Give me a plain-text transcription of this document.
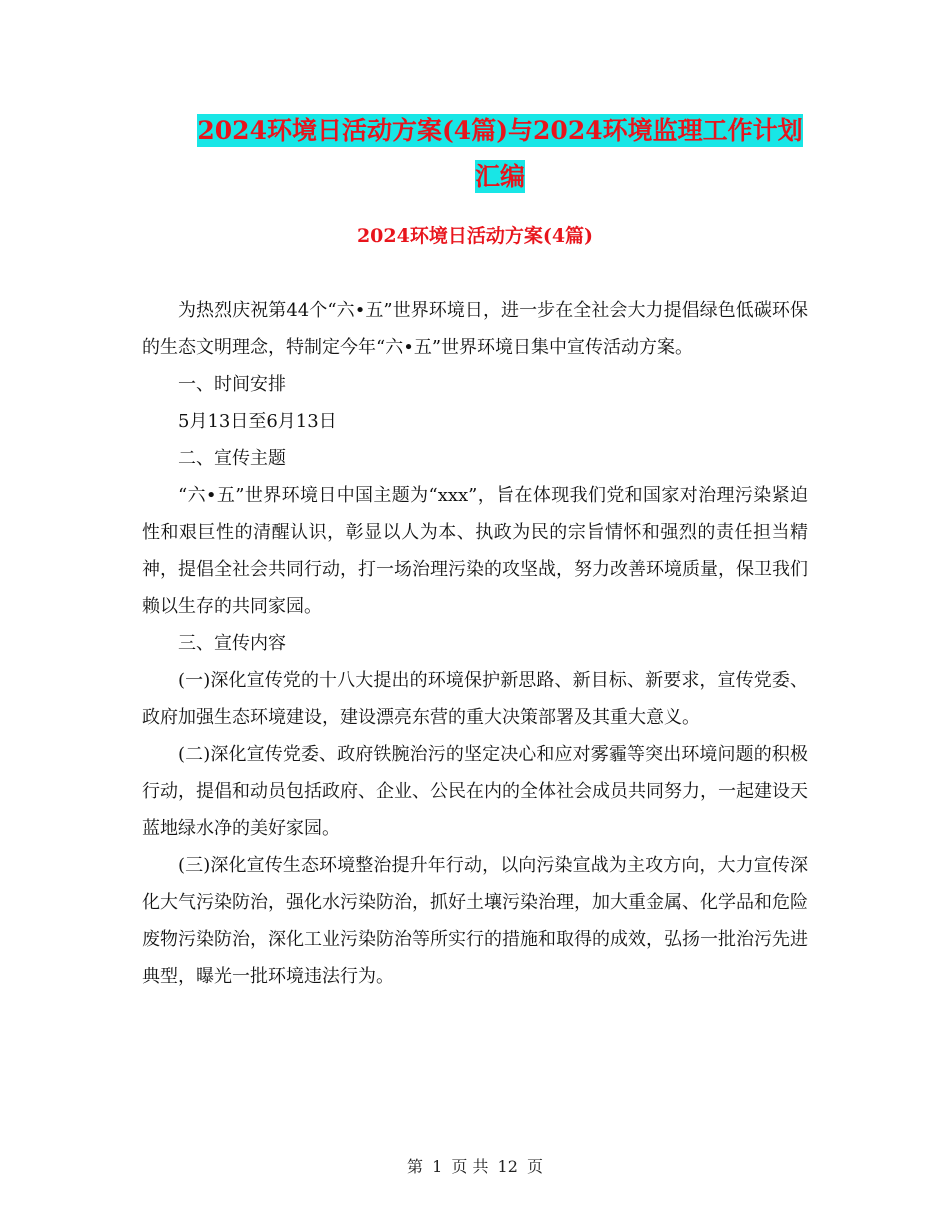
2024环境日活动方案(4篇)与2024环境监理工作计划
汇编
2024环境日活动方案(4篇)

为热烈庆祝第44个“六•五”世界环境日，进一步在全社会大力提倡绿色低碳环保的生态文明理念，特制定今年“六•五”世界环境日集中宣传活动方案。

一、时间安排

5月13日至6月13日

二、宣传主题

“六•五”世界环境日中国主题为“xxx”，旨在体现我们党和国家对治理污染紧迫性和艰巨性的清醒认识，彰显以人为本、执政为民的宗旨情怀和强烈的责任担当精神，提倡全社会共同行动，打一场治理污染的攻坚战，努力改善环境质量，保卫我们赖以生存的共同家园。

三、宣传内容

(一)深化宣传党的十八大提出的环境保护新思路、新目标、新要求，宣传党委、政府加强生态环境建设，建设漂亮东营的重大决策部署及其重大意义。

(二)深化宣传党委、政府铁腕治污的坚定决心和应对雾霾等突出环境问题的积极行动，提倡和动员包括政府、企业、公民在内的全体社会成员共同努力，一起建设天蓝地绿水净的美好家园。

(三)深化宣传生态环境整治提升年行动，以向污染宣战为主攻方向，大力宣传深化大气污染防治，强化水污染防治，抓好土壤污染治理，加大重金属、化学品和危险废物污染防治，深化工业污染防治等所实行的措施和取得的成效，弘扬一批治污先进典型，曝光一批环境违法行为。

第 1 页 共 12 页
